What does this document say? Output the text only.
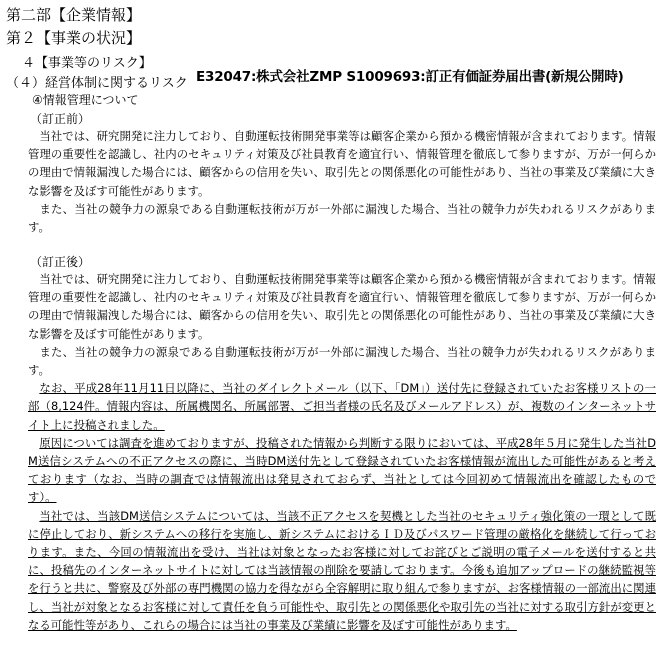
第二部【企業情報】
第２【事業の状況】
４【事業等のリスク】
（４）経営体制に関するリスク E32047:株式会社ZMP S1009693:訂正有価証券届出書(新規公開時)
④情報管理について
（訂正前）

当社では、研究開発に注力しており、自動運転技術開発事業等は顧客企業から預かる機密情報が含まれております。情報管理の重要性を認識し、社内のセキュリティ対策及び社員教育を適宜行い、情報管理を徹底して参りますが、万が一何らかの理由で情報漏洩した場合には、顧客からの信用を失い、取引先との関係悪化の可能性があり、当社の事業及び業績に大きな影響を及ぼす可能性があります。

また、当社の競争力の源泉である自動運転技術が万が一外部に漏洩した場合、当社の競争力が失われるリスクがあります。

（訂正後）

当社では、研究開発に注力しており、自動運転技術開発事業等は顧客企業から預かる機密情報が含まれております。情報管理の重要性を認識し、社内のセキュリティ対策及び社員教育を適宜行い、情報管理を徹底して参りますが、万が一何らかの理由で情報漏洩した場合には、顧客からの信用を失い、取引先との関係悪化の可能性があり、当社の事業及び業績に大きな影響を及ぼす可能性があります。

また、当社の競争力の源泉である自動運転技術が万が一外部に漏洩した場合、当社の競争力が失われるリスクがあります。

なお、平成28年11月11日以降に、当社のダイレクトメール（以下、「DM」）送付先に登録されていたお客様リストの一部（8,124件。情報内容は、所属機関名、所属部署、ご担当者様の氏名及びメールアドレス）が、複数のインターネットサイト上に投稿されました。

原因については調査を進めておりますが、投稿された情報から判断する限りにおいては、平成28年５月に発生した当社DM送信システムへの不正アクセスの際に、当時DM送付先として登録されていたお客様情報が流出した可能性があると考えております（なお、当時の調査では情報流出は発見されておらず、当社としては今回初めて情報流出を確認したものです）。

当社では、当該DM送信システムについては、当該不正アクセスを契機とした当社のセキュリティ強化策の一環として既に停止しており、新システムへの移行を実施し、新システムにおけるＩＤ及びパスワード管理の厳格化を継続して行っております。また、今回の情報流出を受け、当社は対象となったお客様に対してお詫びとご説明の電子メールを送付すると共に、投稿先のインターネットサイトに対しては当該情報の削除を要請しております。今後も追加アップロードの継続監視等を行うと共に、警察及び外部の専門機関の協力を得ながら全容解明に取り組んで参りますが、お客様情報の一部流出に関連し、当社が対象となるお客様に対して責任を負う可能性や、取引先との関係悪化や取引先の当社に対する取引方針が変更となる可能性等があり、これらの場合には当社の事業及び業績に影響を及ぼす可能性があります。
